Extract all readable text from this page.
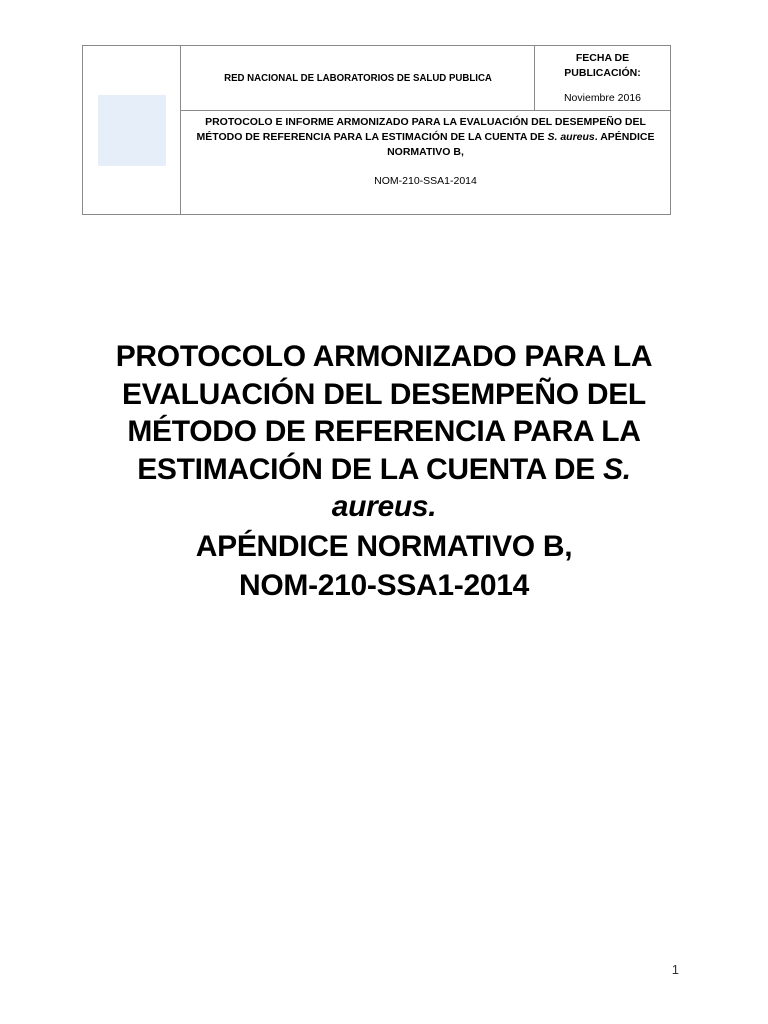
	RED NACIONAL DE LABORATORIOS DE SALUD PUBLICA	
FECHA DE
PUBLICACIÓN:
Noviembre 2016

PROTOCOLO E INFORME ARMONIZADO PARA LA EVALUACIÓN DEL DESEMPEÑO DEL MÉTODO DE REFERENCIA PARA LA ESTIMACIÓN DE LA CUENTA DE S. aureus. APÉNDICE NORMATIVO B,
NOM-210-SSA1-2014
PROTOCOLO ARMONIZADO PARA LA
EVALUACIÓN DEL DESEMPEÑO DEL
MÉTODO DE REFERENCIA PARA LA
ESTIMACIÓN DE LA CUENTA DE S.
aureus.
APÉNDICE NORMATIVO B,
NOM-210-SSA1-2014
1
